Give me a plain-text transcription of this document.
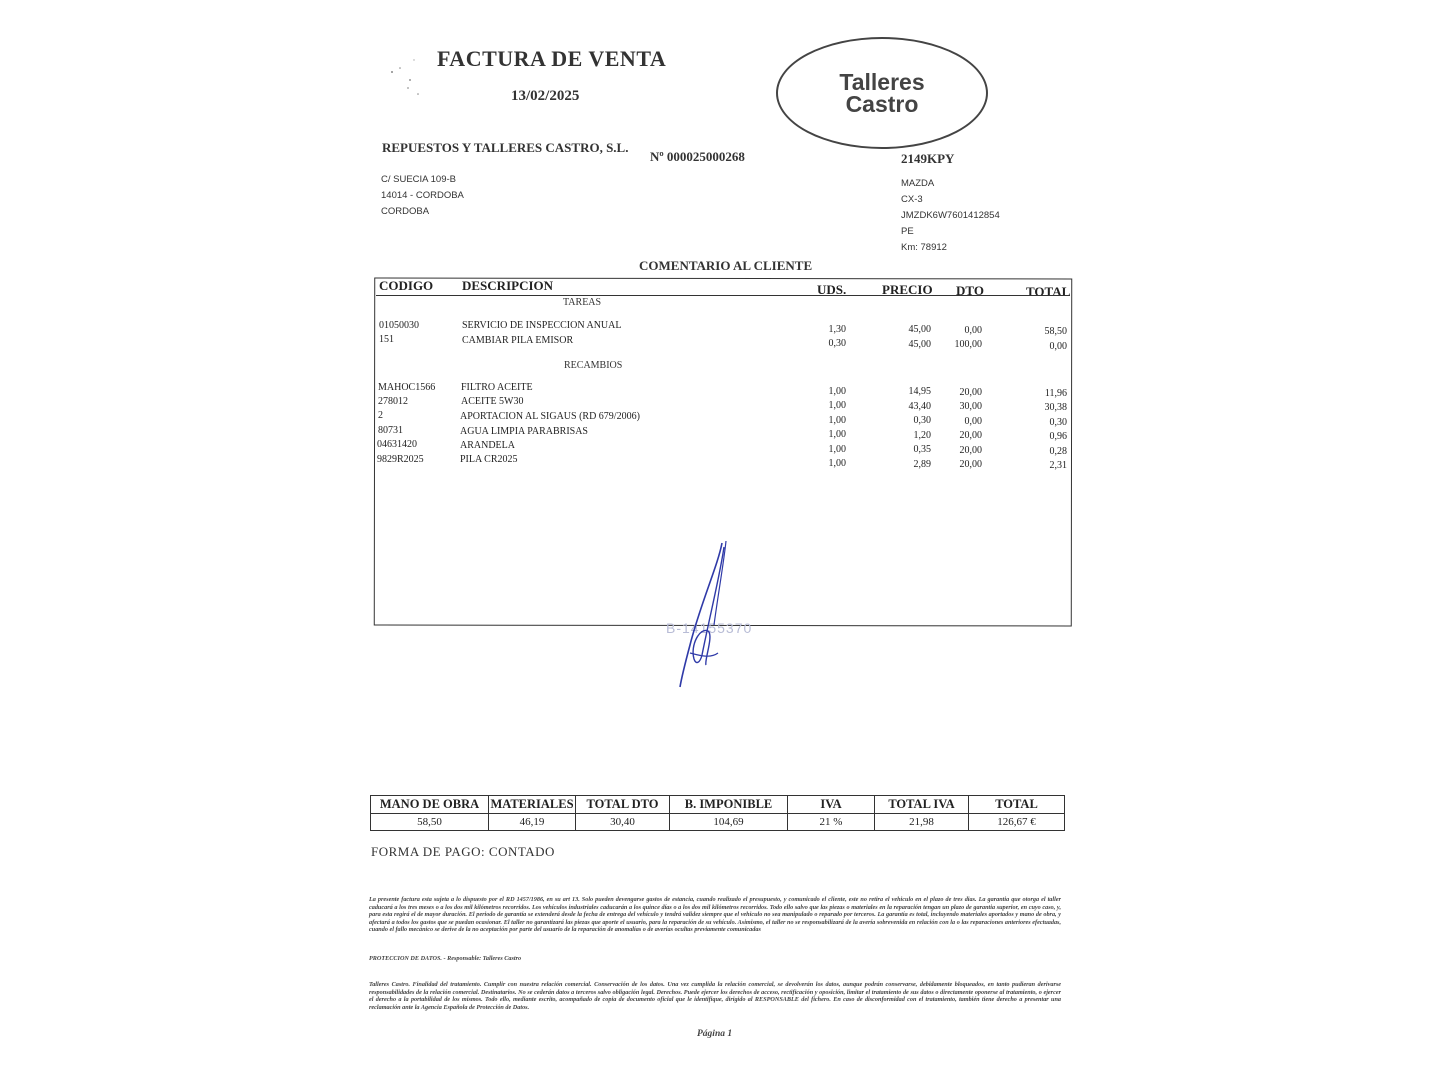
FACTURA DE VENTA
13/02/2025
Talleres
Castro
REPUESTOS Y TALLERES CASTRO, S.L.
Nº 000025000268	2149KPY
C/ SUECIA 109-B
14014 - CORDOBA
CORDOBA
MAZDA
CX-3
JMZDK6W7601412854
PE
Km: 78912
COMENTARIO AL CLIENTE
CODIGO DESCRIPCION	UDS.	PRECIO DTO	TOTAL
TAREAS
01050030	SERVICIO DE INSPECCION ANUAL	1,30	45,00	0,00	58,50
151	CAMBIAR PILA EMISOR	0,30	45,00	100,00	0,00
RECAMBIOS
MAHOC1566	FILTRO ACEITE	1,00	14,95	20,00	11,96
278012	ACEITE 5W30	1,00	43,40	30,00	30,38
2	APORTACION AL SIGAUS (RD 679/2006)	1,00	0,30	0,00	0,30
80731	AGUA LIMPIA PARABRISAS	1,00	1,20	20,00	0,96
04631420	ARANDELA	1,00	0,35	20,00	0,28
9829R2025	PILA CR2025	1,00	2,89	20,00	2,31
B-14155370
MANO DE OBRA	MATERIALES	TOTAL DTO	B. IMPONIBLE	IVA	TOTAL IVA	TOTAL
58,50	46,19	30,40	104,69	21 %	21,98	126,67 €
FORMA DE PAGO: CONTADO
La presente factura esta sujeta a lo dispuesto por el RD 1457/1986, en su art 13. Solo pueden devengarse gastos de estancia, cuando realizado el presupuesto, y comunicado el cliente, este no retira el vehiculo en el plazo de tres dias. La garantia que otorga el taller caducará a los tres meses o a los dos mil kilómetros recorridos. Los vehículos industriales caducarán a los quince días o a los dos mil kilómetros recorridos. Todo ello salvo que las piezas o materiales en la reparación tengan un plazo de garantia superior, en cuyo caso, y, para esta regirá el de mayor duración. El periodo de garantía se extenderá desde la fecha de entrega del vehículo y tendrá validez siempre que el vehiculo no sea manipulado o reparado por terceros. La garantía es total, incluyendo materiales aportados y mano de obra, y afectará a todos los gastos que se puedan ocasionar. El taller no garantizará las piezas que aporte el usuario, para la reparación de su vehículo. Asimismo, el taller no se responsabilizará de la avería sobrevenida en relación con la o las reparaciones anteriores efectuadas, cuando el fallo mecánico se derive de la no aceptación por parte del usuario de la reparación de anomalías o de averías ocultas previamente comunicadas
PROTECCION DE DATOS. - Responsable: Talleres Castro
Talleres Castro. Finalidad del tratamiento. Cumplir con nuestra relación comercial. Conservación de los datos. Una vez cumplida la relación comercial, se devolverán los datos, aunque podrán conservarse, debidamente bloqueados, en tanto pudieran derivarse responsabilidades de la relación comercial. Destinatarios. No se cederán datos a terceros salvo obligación legal. Derechos. Puede ejercer los derechos de acceso, rectificación y oposición, limitar el tratamiento de sus datos o directamente oponerse al tratamiento, o ejercer el derecho a la portabilidad de los mismos. Todo ello, mediante escrito, acompañado de copia de documento oficial que le identifique, dirigido al RESPONSABLE del fichero. En caso de disconformidad con el tratamiento, también tiene derecho a presentar una reclamación ante la Agencia Española de Protección de Datos.
Página 1
